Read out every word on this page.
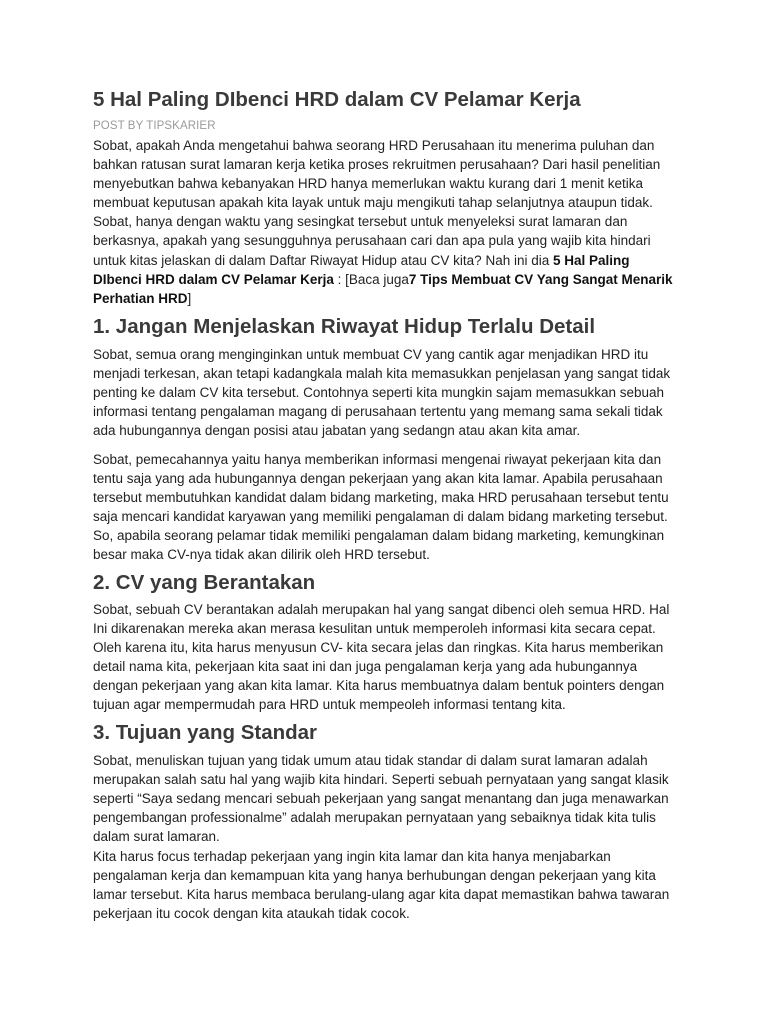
5 Hal Paling DIbenci HRD dalam CV Pelamar Kerja
POST BY TIPSKARIER

Sobat, apakah Anda mengetahui bahwa seorang HRD Perusahaan itu menerima puluhan dan bahkan ratusan surat lamaran kerja ketika proses rekruitmen perusahaan? Dari hasil penelitian menyebutkan bahwa kebanyakan HRD hanya memerlukan waktu kurang dari 1 menit ketika membuat keputusan apakah kita layak untuk maju mengikuti tahap selanjutnya ataupun tidak. Sobat, hanya dengan waktu yang sesingkat tersebut untuk menyeleksi surat lamaran dan berkasnya, apakah yang sesungguhnya perusahaan cari dan apa pula yang wajib kita hindari untuk kitas jelaskan di dalam Daftar Riwayat Hidup atau CV kita? Nah ini dia 5 Hal Paling DIbenci HRD dalam CV Pelamar Kerja : [Baca juga7 Tips Membuat CV Yang Sangat Menarik Perhatian HRD]

1. Jangan Menjelaskan Riwayat Hidup Terlalu Detail

Sobat, semua orang menginginkan untuk membuat CV yang cantik agar menjadikan HRD itu menjadi terkesan, akan tetapi kadangkala malah kita memasukkan penjelasan yang sangat tidak penting ke dalam CV kita tersebut. Contohnya seperti kita mungkin sajam memasukkan sebuah informasi tentang pengalaman magang di perusahaan tertentu yang memang sama sekali tidak ada hubungannya dengan posisi atau jabatan yang sedangn atau akan kita amar.

Sobat, pemecahannya yaitu hanya memberikan informasi mengenai riwayat pekerjaan kita dan tentu saja yang ada hubungannya dengan pekerjaan yang akan kita lamar. Apabila perusahaan tersebut membutuhkan kandidat dalam bidang marketing, maka HRD perusahaan tersebut tentu saja mencari kandidat karyawan yang memiliki pengalaman di dalam bidang marketing tersebut. So, apabila seorang pelamar tidak memiliki pengalaman dalam bidang marketing, kemungkinan besar maka CV-nya tidak akan dilirik oleh HRD tersebut.

2. CV yang Berantakan

Sobat, sebuah CV berantakan adalah merupakan hal yang sangat dibenci oleh semua HRD. Hal Ini dikarenakan mereka akan merasa kesulitan untuk memperoleh informasi kita secara cepat. Oleh karena itu, kita harus menyusun CV- kita secara jelas dan ringkas. Kita harus memberikan detail nama kita, pekerjaan kita saat ini dan juga pengalaman kerja yang ada hubungannya dengan pekerjaan yang akan kita lamar. Kita harus membuatnya dalam bentuk pointers dengan tujuan agar mempermudah para HRD untuk mempeoleh informasi tentang kita.

3. Tujuan yang Standar

Sobat, menuliskan tujuan yang tidak umum atau tidak standar di dalam surat lamaran adalah merupakan salah satu hal yang wajib kita hindari. Seperti sebuah pernyataan yang sangat klasik seperti “Saya sedang mencari sebuah pekerjaan yang sangat menantang dan juga menawarkan pengembangan professionalme” adalah merupakan pernyataan yang sebaiknya tidak kita tulis dalam surat lamaran.

Kita harus focus terhadap pekerjaan yang ingin kita lamar dan kita hanya menjabarkan pengalaman kerja dan kemampuan kita yang hanya berhubungan dengan pekerjaan yang kita lamar tersebut. Kita harus membaca berulang-ulang agar kita dapat memastikan bahwa tawaran pekerjaan itu cocok dengan kita ataukah tidak cocok.
